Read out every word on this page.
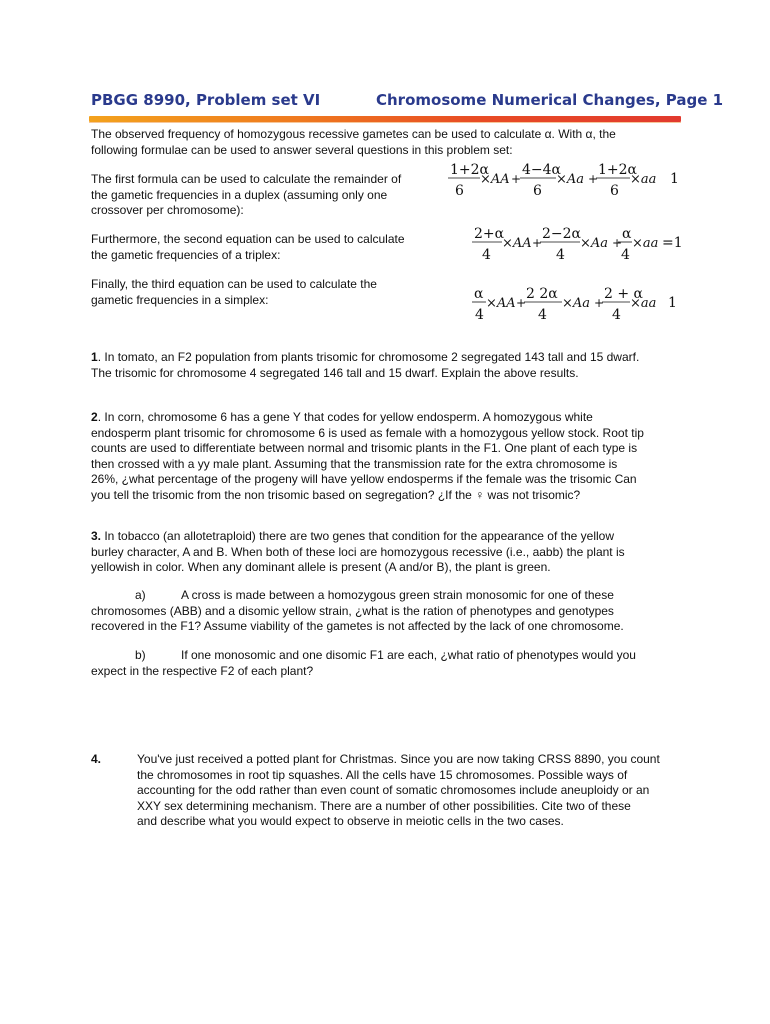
PBGG 8990, Problem set VI	Chromosome Numerical Changes, Page 1

The observed frequency of homozygous recessive gametes can be used to calculate α. With α, the

following formulae can be used to answer several questions in this problem set:

The first formula can be used to calculate the remainder of

the gametic frequencies in a duplex (assuming only one

crossover per chromosome):

1+2α
6
×AA +
4−4α
6
×Aa +
1+2α
6
×aa 1

Furthermore, the second equation can be used to calculate

the gametic frequencies of a triplex:

2+α
4
×AA +
2−2α
4
×Aa +
α
4
×aa =1

Finally, the third equation can be used to calculate the

gametic frequencies in a simplex:	α
4
×AA +
2 2α
4
×Aa +
2 + α
4
×aa 1

1. In tomato, an F2 population from plants trisomic for chromosome 2 segregated 143 tall and 15 dwarf.

The trisomic for chromosome 4 segregated 146 tall and 15 dwarf. Explain the above results.

2. In corn, chromosome 6 has a gene Y that codes for yellow endosperm. A homozygous white

endosperm plant trisomic for chromosome 6 is used as female with a homozygous yellow stock. Root tip

counts are used to differentiate between normal and trisomic plants in the F1. One plant of each type is

then crossed with a yy male plant. Assuming that the transmission rate for the extra chromosome is

26%, ¿what percentage of the progeny will have yellow endosperms if the female was the trisomic Can

you tell the trisomic from the non trisomic based on segregation? ¿If the ♀ was not trisomic?

3. In tobacco (an allotetraploid) there are two genes that condition for the appearance of the yellow

burley character, A and B. When both of these loci are homozygous recessive (i.e., aabb) the plant is

yellowish in color. When any dominant allele is present (A and/or B), the plant is green.

a)	A cross is made between a homozygous green strain monosomic for one of these

chromosomes (ABB) and a disomic yellow strain, ¿what is the ration of phenotypes and genotypes

recovered in the F1? Assume viability of the gametes is not affected by the lack of one chromosome.

b)	If one monosomic and one disomic F1 are each, ¿what ratio of phenotypes would you

expect in the respective F2 of each plant?

4.	You've just received a potted plant for Christmas. Since you are now taking CRSS 8890, you count

the chromosomes in root tip squashes. All the cells have 15 chromosomes. Possible ways of

accounting for the odd rather than even count of somatic chromosomes include aneuploidy or an

XXY sex determining mechanism. There are a number of other possibilities. Cite two of these

and describe what you would expect to observe in meiotic cells in the two cases.
